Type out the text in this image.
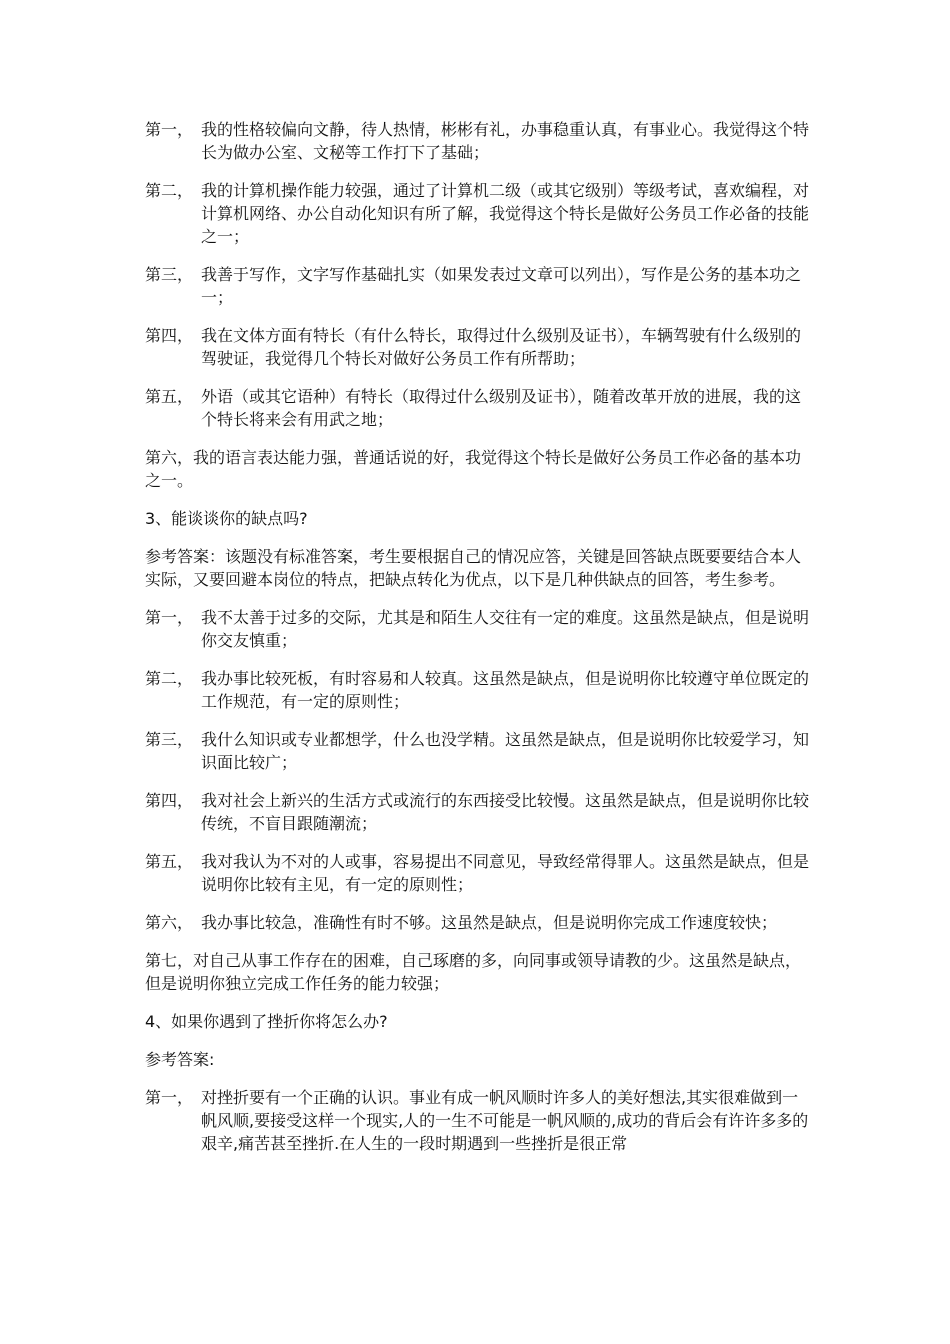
第一， 我的性格较偏向文静，待人热情，彬彬有礼，办事稳重认真，有事业心。我觉得这个特长为做办公室、文秘等工作打下了基础；
第二， 我的计算机操作能力较强，通过了计算机二级（或其它级别）等级考试，喜欢编程，对计算机网络、办公自动化知识有所了解，我觉得这个特长是做好公务员工作必备的技能之一；
第三， 我善于写作，文字写作基础扎实（如果发表过文章可以列出），写作是公务的基本功之一；
第四， 我在文体方面有特长（有什么特长，取得过什么级别及证书），车辆驾驶有什么级别的驾驶证，我觉得几个特长对做好公务员工作有所帮助；
第五， 外语（或其它语种）有特长（取得过什么级别及证书），随着改革开放的进展，我的这个特长将来会有用武之地；

第六，我的语言表达能力强，普通话说的好，我觉得这个特长是做好公务员工作必备的基本功之一。

3、能谈谈你的缺点吗?

参考答案：该题没有标准答案，考生要根据自己的情况应答，关键是回答缺点既要要结合本人实际，又要回避本岗位的特点，把缺点转化为优点，以下是几种供缺点的回答，考生参考。

第一， 我不太善于过多的交际，尤其是和陌生人交往有一定的难度。这虽然是缺点，但是说明你交友慎重；
第二， 我办事比较死板，有时容易和人较真。这虽然是缺点，但是说明你比较遵守单位既定的工作规范，有一定的原则性；
第三， 我什么知识或专业都想学，什么也没学精。这虽然是缺点，但是说明你比较爱学习，知识面比较广；
第四， 我对社会上新兴的生活方式或流行的东西接受比较慢。这虽然是缺点，但是说明你比较传统，不盲目跟随潮流；
第五， 我对我认为不对的人或事，容易提出不同意见，导致经常得罪人。这虽然是缺点，但是说明你比较有主见，有一定的原则性；
第六， 我办事比较急，准确性有时不够。这虽然是缺点，但是说明你完成工作速度较快；

第七，对自己从事工作存在的困难，自己琢磨的多，向同事或领导请教的少。这虽然是缺点，但是说明你独立完成工作任务的能力较强；

4、如果你遇到了挫折你将怎么办?

参考答案:

第一， 对挫折要有一个正确的认识。事业有成一帆风顺时许多人的美好想法,其实很难做到一帆风顺,要接受这样一个现实,人的一生不可能是一帆风顺的,成功的背后会有许许多多的艰辛,痛苦甚至挫折.在人生的一段时期遇到一些挫折是很正常
